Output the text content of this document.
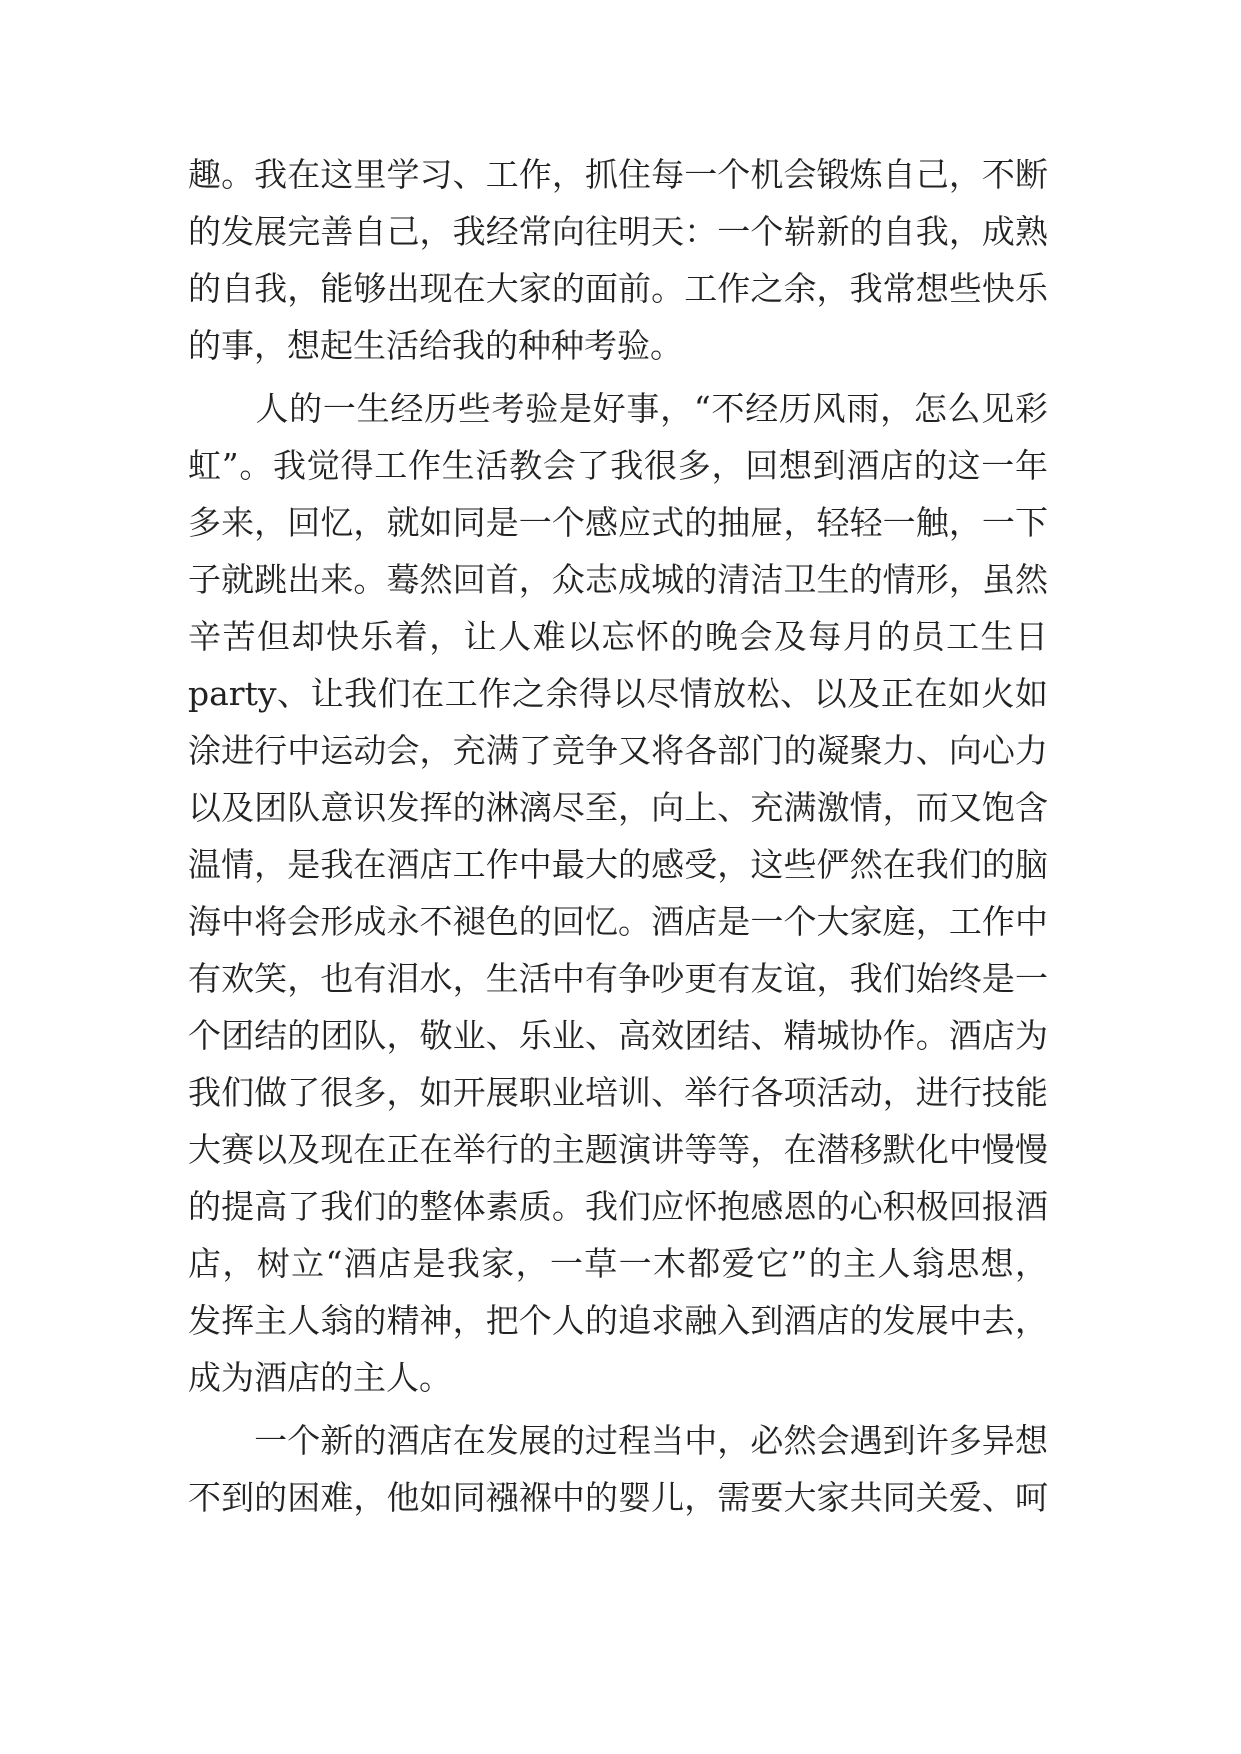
趣。我在这里学习、工作，抓住每一个机会锻炼自己，不断
的发展完善自己，我经常向往明天：一个崭新的自我，成熟
的自我，能够出现在大家的面前。工作之余，我常想些快乐
的事，想起生活给我的种种考验。
　　人的一生经历些考验是好事，“不经历风雨，怎么见彩
虹”。我觉得工作生活教会了我很多，回想到酒店的这一年
多来，回忆，就如同是一个感应式的抽屉，轻轻一触，一下
子就跳出来。蓦然回首，众志成城的清洁卫生的情形，虽然
辛苦但却快乐着，让人难以忘怀的晚会及每月的员工生日
party、让我们在工作之余得以尽情放松、以及正在如火如
涂进行中运动会，充满了竞争又将各部门的凝聚力、向心力
以及团队意识发挥的淋漓尽至，向上、充满激情，而又饱含
温情，是我在酒店工作中最大的感受，这些俨然在我们的脑
海中将会形成永不褪色的回忆。酒店是一个大家庭，工作中
有欢笑，也有泪水，生活中有争吵更有友谊，我们始终是一
个团结的团队，敬业、乐业、高效团结、精城协作。酒店为
我们做了很多，如开展职业培训、举行各项活动，进行技能
大赛以及现在正在举行的主题演讲等等，在潜移默化中慢慢
的提高了我们的整体素质。我们应怀抱感恩的心积极回报酒
店，树立“酒店是我家，一草一木都爱它”的主人翁思想，
发挥主人翁的精神，把个人的追求融入到酒店的发展中去，
成为酒店的主人。
　　一个新的酒店在发展的过程当中，必然会遇到许多异想
不到的困难，他如同襁褓中的婴儿，需要大家共同关爱、呵
